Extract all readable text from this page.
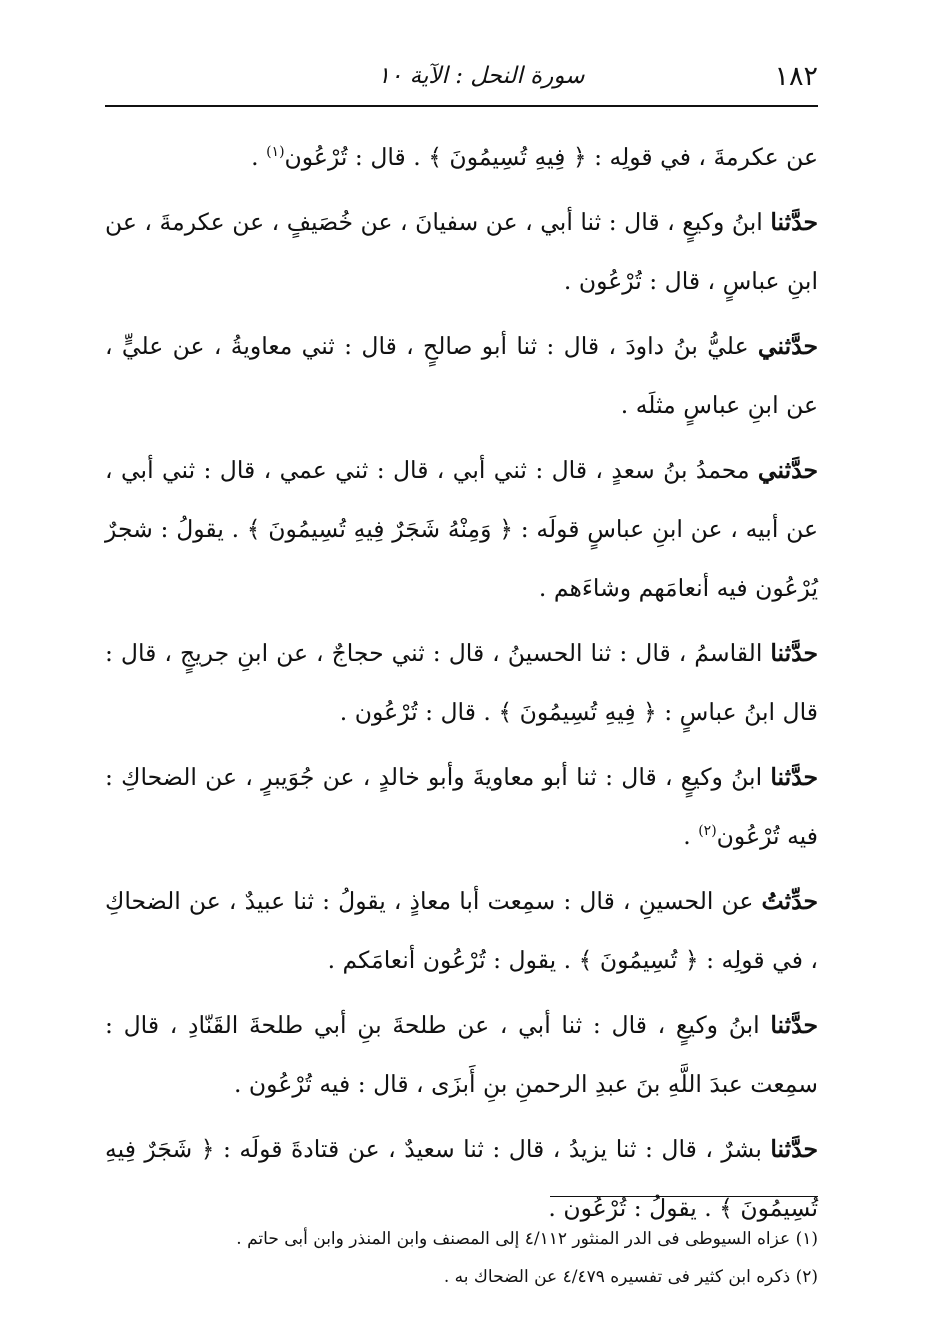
١٨٢
سورة النحل : الآية ١٠

عن عكرمةَ ، في قولِه : ﴿ فِيهِ تُسِيمُونَ ﴾ . قال : تُرْعُون$^{(١)}$ .

حدَّثنا ابنُ وكيعٍ ، قال : ثنا أبي ، عن سفيانَ ، عن خُصَيفٍ ، عن عكرمةَ ، عن ابنِ عباسٍ ، قال : تُرْعُون .

حدَّثني عليُّ بنُ داودَ ، قال : ثنا أبو صالحٍ ، قال : ثني معاويةُ ، عن عليٍّ ، عن ابنِ عباسٍ مثلَه .

حدَّثني محمدُ بنُ سعدٍ ، قال : ثني أبي ، قال : ثني عمي ، قال : ثني أبي ، عن أبيه ، عن ابنِ عباسٍ قولَه : ﴿ وَمِنْهُ شَجَرٌ فِيهِ تُسِيمُونَ ﴾ . يقولُ : شجرٌ يُرْعُون فيه أنعامَهم وشاءَهم .

حدَّثنا القاسمُ ، قال : ثنا الحسينُ ، قال : ثني حجاجٌ ، عن ابنِ جريجٍ ، قال : قال ابنُ عباسٍ : ﴿ فِيهِ تُسِيمُونَ ﴾ . قال : تُرْعُون .

حدَّثنا ابنُ وكيعٍ ، قال : ثنا أبو معاويةَ وأبو خالدٍ ، عن جُوَيبرٍ ، عن الضحاكِ : فيه تُرْعُون$^{(٢)}$ .

حدِّثتُ عن الحسينِ ، قال : سمِعت أبا معاذٍ ، يقولُ : ثنا عبيدٌ ، عن الضحاكِ ، في قولِه : ﴿ تُسِيمُونَ ﴾ . يقول : تُرْعُون أنعامَكم .

حدَّثنا ابنُ وكيعٍ ، قال : ثنا أبي ، عن طلحةَ بنِ أبي طلحةَ القَنّادِ ، قال : سمِعت عبدَ اللَّهِ بنَ عبدِ الرحمنِ بنِ أَبزَى ، قال : فيه تُرْعُون .

حدَّثنا بشرٌ ، قال : ثنا يزيدُ ، قال : ثنا سعيدٌ ، عن قتادةَ قولَه : ﴿ شَجَرٌ فِيهِ تُسِيمُونَ ﴾ . يقولُ : تُرْعُون .

(١) عزاه السيوطى فى الدر المنثور ٤/١١٢ إلى المصنف وابن المنذر وابن أبى حاتم .

(٢) ذكره ابن كثير فى تفسيره ٤/٤٧٩ عن الضحاك به .
